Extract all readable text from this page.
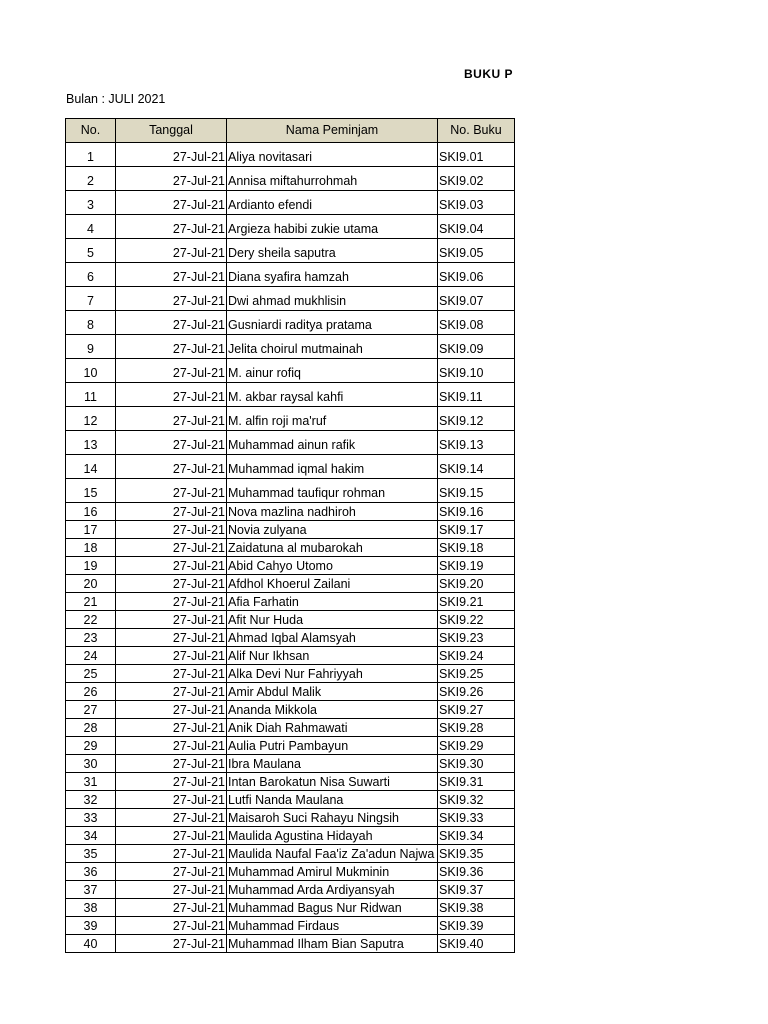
BUKU P
Bulan : JULI 2021
No.	Tanggal	Nama Peminjam	No. Buku

1	27-Jul-21	Aliya novitasari	SKI9.01

2	27-Jul-21	Annisa miftahurrohmah	SKI9.02

3	27-Jul-21	Ardianto efendi	SKI9.03

4	27-Jul-21	Argieza habibi zukie utama	SKI9.04

5	27-Jul-21	Dery sheila saputra	SKI9.05

6	27-Jul-21	Diana syafira hamzah	SKI9.06

7	27-Jul-21	Dwi ahmad mukhlisin	SKI9.07

8	27-Jul-21	Gusniardi raditya pratama	SKI9.08

9	27-Jul-21	Jelita choirul mutmainah	SKI9.09

10	27-Jul-21	M. ainur rofiq	SKI9.10

11	27-Jul-21	M. akbar raysal kahfi	SKI9.11

12	27-Jul-21	M. alfin roji ma'ruf	SKI9.12

13	27-Jul-21	Muhammad ainun rafik	SKI9.13

14	27-Jul-21	Muhammad iqmal hakim	SKI9.14

15	27-Jul-21	Muhammad taufiqur rohman	SKI9.15

16	27-Jul-21	Nova mazlina nadhiroh	SKI9.16

17	27-Jul-21	Novia zulyana	SKI9.17

18	27-Jul-21	Zaidatuna al mubarokah	SKI9.18

19	27-Jul-21	Abid Cahyo Utomo	SKI9.19

20	27-Jul-21	Afdhol Khoerul Zailani	SKI9.20

21	27-Jul-21	Afia Farhatin	SKI9.21

22	27-Jul-21	Afit Nur Huda	SKI9.22

23	27-Jul-21	Ahmad Iqbal Alamsyah	SKI9.23

24	27-Jul-21	Alif Nur Ikhsan	SKI9.24

25	27-Jul-21	Alka Devi Nur Fahriyyah	SKI9.25

26	27-Jul-21	Amir Abdul Malik	SKI9.26

27	27-Jul-21	Ananda Mikkola	SKI9.27

28	27-Jul-21	Anik Diah Rahmawati	SKI9.28

29	27-Jul-21	Aulia Putri Pambayun	SKI9.29

30	27-Jul-21	Ibra Maulana	SKI9.30

31	27-Jul-21	Intan Barokatun Nisa Suwarti	SKI9.31

32	27-Jul-21	Lutfi Nanda Maulana	SKI9.32

33	27-Jul-21	Maisaroh Suci Rahayu Ningsih	SKI9.33

34	27-Jul-21	Maulida Agustina Hidayah	SKI9.34

35	27-Jul-21	Maulida Naufal Faa'iz Za'adun Najwa	SKI9.35

36	27-Jul-21	Muhammad Amirul Mukminin	SKI9.36

37	27-Jul-21	Muhammad Arda Ardiyansyah	SKI9.37

38	27-Jul-21	Muhammad Bagus Nur Ridwan	SKI9.38

39	27-Jul-21	Muhammad Firdaus	SKI9.39

40	27-Jul-21	Muhammad Ilham Bian Saputra	SKI9.40
